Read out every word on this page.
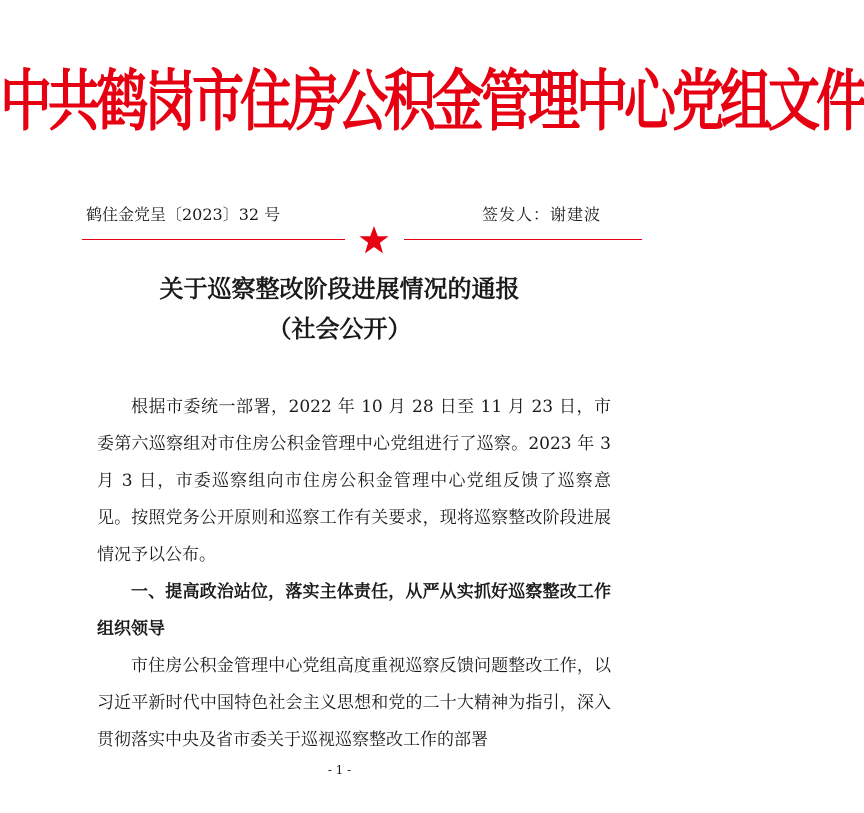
中共鹤岗市住房公积金管理中心党组文件
鹤住金党呈〔2023〕32 号	签发人：谢建波
关于巡察整改阶段进展情况的通报
（社会公开）

根据市委统一部署，2022 年 10 月 28 日至 11 月 23 日，市委第六巡察组对市住房公积金管理中心党组进行了巡察。2023 年 3 月 3 日，市委巡察组向市住房公积金管理中心党组反馈了巡察意见。按照党务公开原则和巡察工作有关要求，现将巡察整改阶段进展情况予以公布。

一、提高政治站位，落实主体责任，从严从实抓好巡察整改工作组织领导

市住房公积金管理中心党组高度重视巡察反馈问题整改工作，以习近平新时代中国特色社会主义思想和党的二十大精神为指引，深入贯彻落实中央及省市委关于巡视巡察整改工作的部署

- 1 -
